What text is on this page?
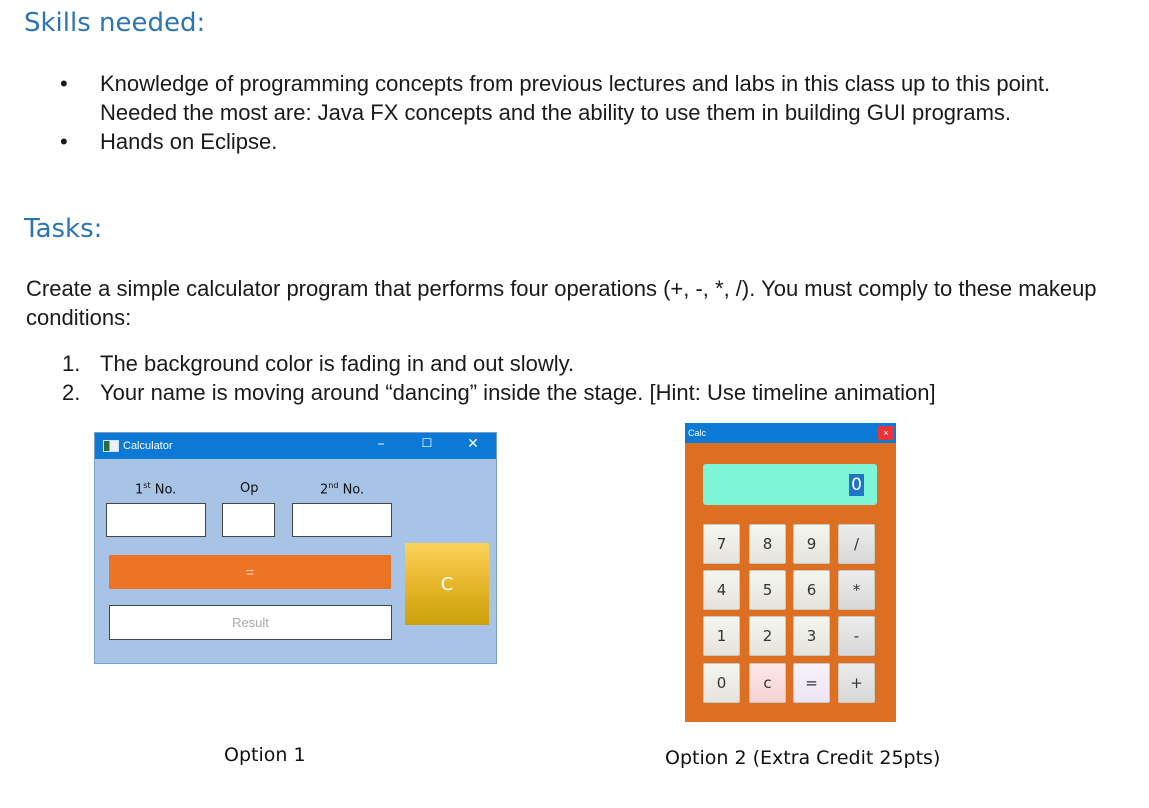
Skills needed:
• Knowledge of programming concepts from previous lectures and labs in this class up to this point. Needed the most are: Java FX concepts and the ability to use them in building GUI programs.
• Hands on Eclipse.
Tasks:

Create a simple calculator program that performs four operations (+, -, *, /). You must comply to these makeup conditions:

1. The background color is fading in and out slowly.
2. Your name is moving around “dancing” inside the stage. [Hint: Use timeline animation]
Calculator	–	☐	✕
1st No.	Op	2nd No.
=
C
Result
Calc	×
0
7	8	9	/
4	5	6	*
1	2	3	-
0	c	=	+
Option 1	Option 2 (Extra Credit 25pts)
